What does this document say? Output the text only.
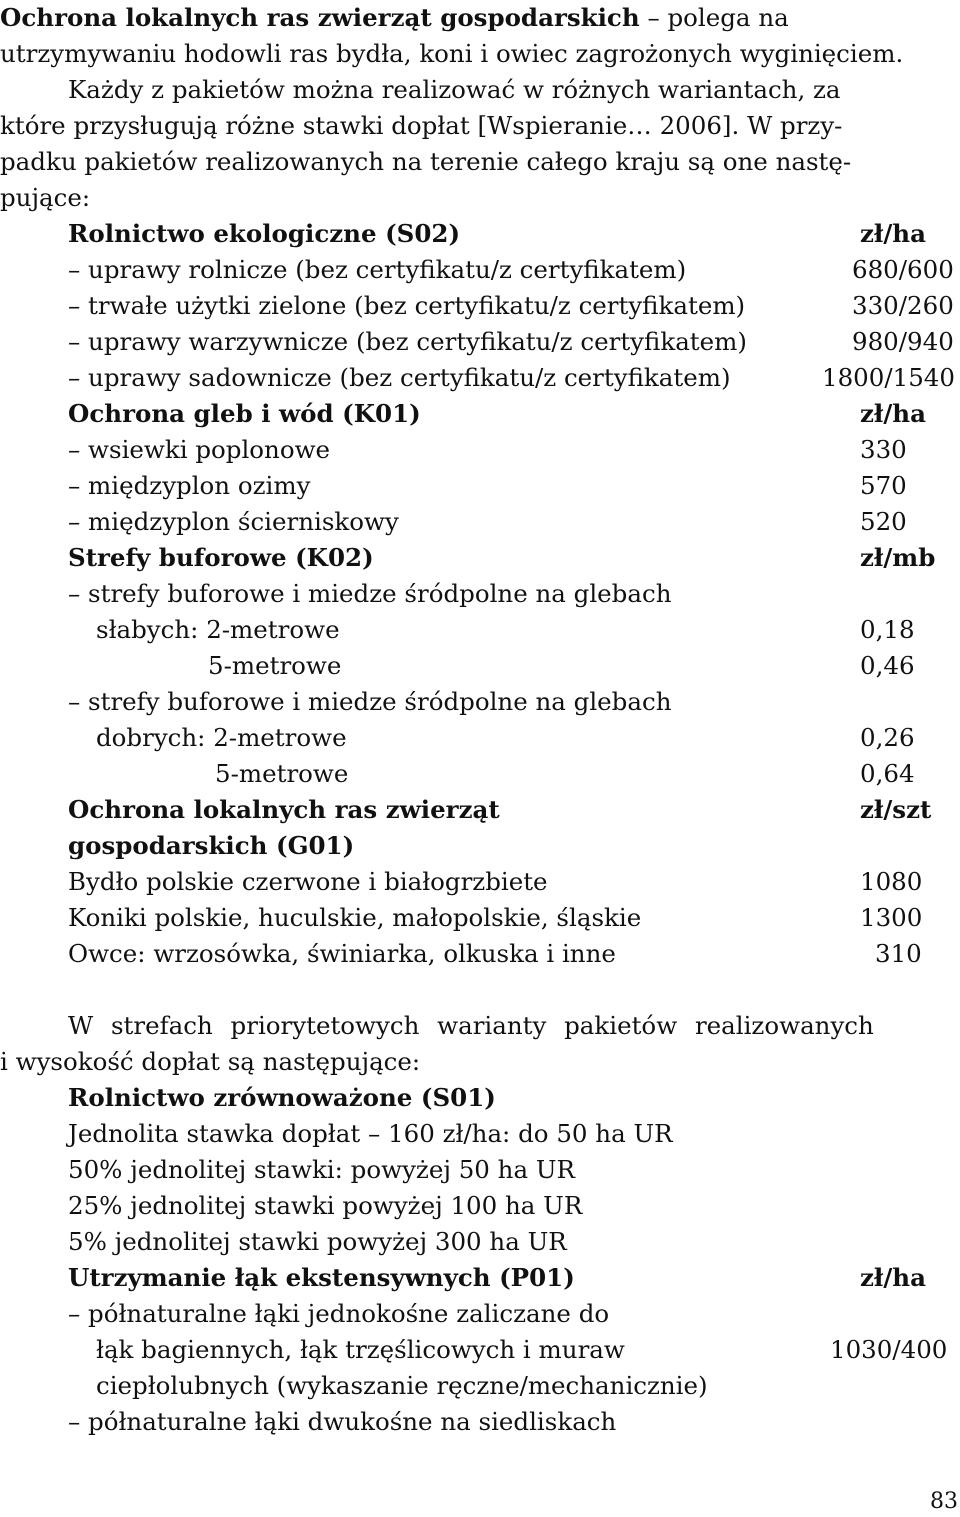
Ochrona lokalnych ras zwierząt gospodarskich – polega na
utrzymywaniu hodowli ras bydła, koni i owiec zagrożonych wyginięciem.
Każdy z pakietów można realizować w różnych wariantach, za
które przysługują różne stawki dopłat [Wspieranie… 2006]. W przy-
padku pakietów realizowanych na terenie całego kraju są one nastę-
pujące:
Rolnictwo ekologiczne (S02)	zł/ha
– uprawy rolnicze (bez certyfikatu/z certyfikatem)	680/600
– trwałe użytki zielone (bez certyfikatu/z certyfikatem)	330/260
– uprawy warzywnicze (bez certyfikatu/z certyfikatem)	980/940
– uprawy sadownicze (bez certyfikatu/z certyfikatem)	1800/1540
Ochrona gleb i wód (K01)	zł/ha
– wsiewki poplonowe	330
– międzyplon ozimy	570
– międzyplon ścierniskowy	520
Strefy buforowe (K02)	zł/mb
– strefy buforowe i miedze śródpolne na glebach
słabych: 2-metrowe	0,18
5-metrowe	0,46
– strefy buforowe i miedze śródpolne na glebach
dobrych: 2-metrowe	0,26
5-metrowe	0,64
Ochrona lokalnych ras zwierząt	zł/szt
gospodarskich (G01)
Bydło polskie czerwone i białogrzbiete	1080
Koniki polskie, huculskie, małopolskie, śląskie	1300
Owce: wrzosówka, świniarka, olkuska i inne	310
W strefach priorytetowych warianty pakietów realizowanych
i wysokość dopłat są następujące:
Rolnictwo zrównoważone (S01)
Jednolita stawka dopłat – 160 zł/ha: do 50 ha UR
50% jednolitej stawki: powyżej 50 ha UR
25% jednolitej stawki powyżej 100 ha UR
5% jednolitej stawki powyżej 300 ha UR
Utrzymanie łąk ekstensywnych (P01)	zł/ha
– półnaturalne łąki jednokośne zaliczane do
łąk bagiennych, łąk trzęślicowych i muraw	1030/400
ciepłolubnych (wykaszanie ręczne/mechanicznie)
– półnaturalne łąki dwukośne na siedliskach
83
